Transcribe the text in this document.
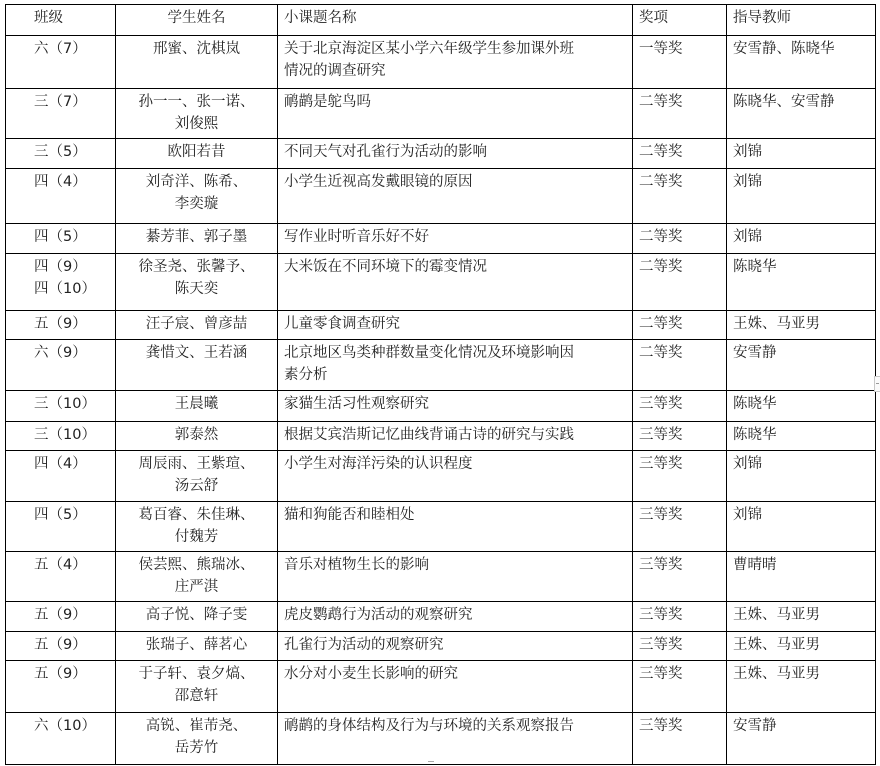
班级	学生姓名	小课题名称	奖项	指导教师

六（7）	邢蜜、沈棋岚	关于北京海淀区某小学六年级学生参加课外班
情况的调查研究	一等奖	安雪静、陈晓华

三（7）	孙一一、张一诺、
刘俊熙	鸸鹋是鸵鸟吗	二等奖	陈晓华、安雪静

三（5）	欧阳若昔	不同天气对孔雀行为活动的影响	二等奖	刘锦

四（4）	刘奇洋、陈希、
李奕璇	小学生近视高发戴眼镜的原因	二等奖	刘锦

四（5）	綦芳菲、郭子墨	写作业时听音乐好不好	二等奖	刘锦

四（9）
四（10）	徐圣尧、张馨予、
陈天奕	大米饭在不同环境下的霉变情况	二等奖	陈晓华

五（9）	汪子宸、曾彦喆	儿童零食调查研究	二等奖	王姝、马亚男

六（9）	龚惜文、王若涵	北京地区鸟类种群数量变化情况及环境影响因
素分析	二等奖	安雪静

三（10）	王晨曦	家猫生活习性观察研究	三等奖	陈晓华

三（10）	郭泰然	根据艾宾浩斯记忆曲线背诵古诗的研究与实践	三等奖	陈晓华

四（4）	周辰雨、王紫瑄、
汤云舒	小学生对海洋污染的认识程度	三等奖	刘锦

四（5）	葛百睿、朱佳琳、
付魏芳	猫和狗能否和睦相处	三等奖	刘锦

五（4）	侯芸熙、熊瑞冰、
庄严淇	音乐对植物生长的影响	三等奖	曹晴晴

五（9）	高子悦、降子雯	虎皮鹦鹉行为活动的观察研究	三等奖	王姝、马亚男

五（9）	张瑞子、薛茗心	孔雀行为活动的观察研究	三等奖	王姝、马亚男

五（9）	于子轩、袁夕熇、
邵意轩	水分对小麦生长影响的研究	三等奖	王姝、马亚男

六（10）	高锐、崔芾尧、
岳芳竹	鸸鹋的身体结构及行为与环境的关系观察报告	三等奖	安雪静
